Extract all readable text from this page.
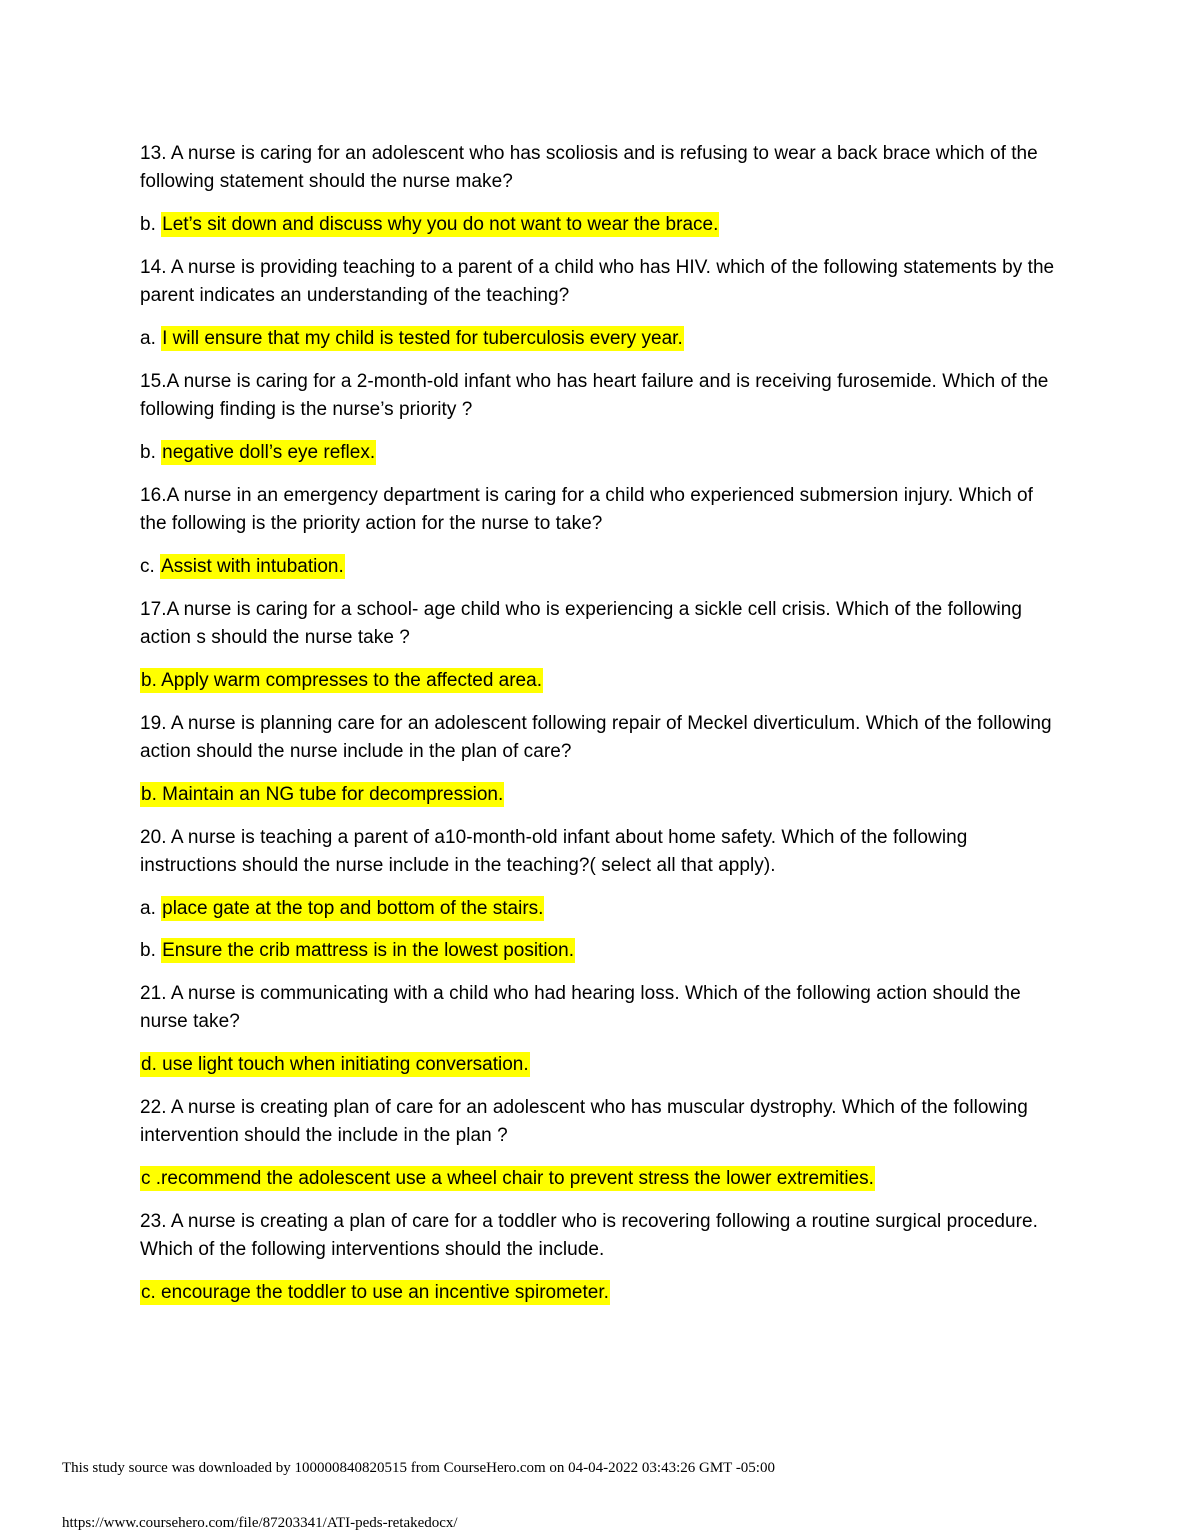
13. A nurse is caring for an adolescent who has scoliosis and is refusing to wear a back brace which of the following statement should the nurse make?

b. Let’s sit down and discuss why you do not want to wear the brace.

14. A nurse is providing teaching to a parent of a child who has HIV. which of the following statements by the parent indicates an understanding of the teaching?

a. I will ensure that my child is tested for tuberculosis every year.

15.A nurse is caring for a 2-month-old infant who has heart failure and is receiving furosemide. Which of the following finding is the nurse’s priority ?

b. negative doll’s eye reflex.

16.A nurse in an emergency department is caring for a child who experienced submersion injury. Which of the following is the priority action for the nurse to take?

c. Assist with intubation.

17.A nurse is caring for a school- age child who is experiencing a sickle cell crisis. Which of the following action s should the nurse take ?

b. Apply warm compresses to the affected area.

19. A nurse is planning care for an adolescent following repair of Meckel diverticulum. Which of the following action should the nurse include in the plan of care?

b. Maintain an NG tube for decompression.

20. A nurse is teaching a parent of a10-month-old infant about home safety. Which of the following instructions should the nurse include in the teaching?( select all that apply).

a. place gate at the top and bottom of the stairs.

b. Ensure the crib mattress is in the lowest position.

21. A nurse is communicating with a child who had hearing loss. Which of the following action should the nurse take?

d. use light touch when initiating conversation.

22. A nurse is creating plan of care for an adolescent who has muscular dystrophy. Which of the following intervention should the include in the plan ?

c .recommend the adolescent use a wheel chair to prevent stress the lower extremities.

23. A nurse is creating a plan of care for a toddler who is recovering following a routine surgical procedure. Which of the following interventions should the include.

c. encourage the toddler to use an incentive spirometer.

This study source was downloaded by 100000840820515 from CourseHero.com on 04-04-2022 03:43:26 GMT -05:00
https://www.coursehero.com/file/87203341/ATI-peds-retakedocx/
